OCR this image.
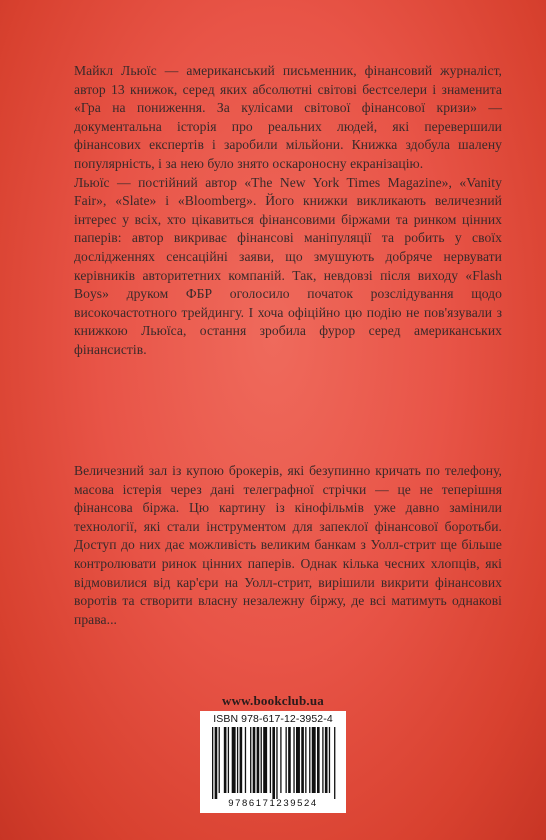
Майкл Льюїс — американський письменник, фінансовий журналіст, автор 13 книжок, серед яких абсолютні світові бестселери і знаменита «Гра на пониження. За кулісами світової фінансової кризи» — документальна історія про реальних людей, які перевершили фінансових експертів і заробили мільйони. Книжка здобула шалену популярність, і за нею було знято оскароносну екранізацію.

Льюїс — постійний автор «The New York Times Magazine», «Vanity Fair», «Slate» і «Bloomberg». Його книжки викликають величезний інтерес у всіх, хто цікавиться фінансовими біржами та ринком цінних паперів: автор викриває фінансові маніпуляції та робить у своїх дослідженнях сенсаційні заяви, що змушують добряче нервувати керівників авторитетних компаній. Так, невдовзі після виходу «Flash Boys» друком ФБР оголосило початок розслідування щодо високочастотного трейдингу. І хоча офіційно цю подію не пов'язували з книжкою Льюїса, остання зробила фурор серед американських фінансистів.

Величезний зал із купою брокерів, які безупинно кричать по телефону, масова істерія через дані телеграфної стрічки — це не теперішня фінансова біржа. Цю картину із кінофільмів уже давно замінили технології, які стали інструментом для запеклої фінансової боротьби. Доступ до них дає можливість великим банкам з Уолл-стрит ще більше контролювати ринок цінних паперів. Однак кілька чесних хлопців, які відмовилися від кар'єри на Уолл-стрит, вирішили викрити фінансових воротів та створити власну незалежну біржу, де всі матимуть однакові права...

www.bookclub.ua
ISBN 978-617-12-3952-4
9786171239524
